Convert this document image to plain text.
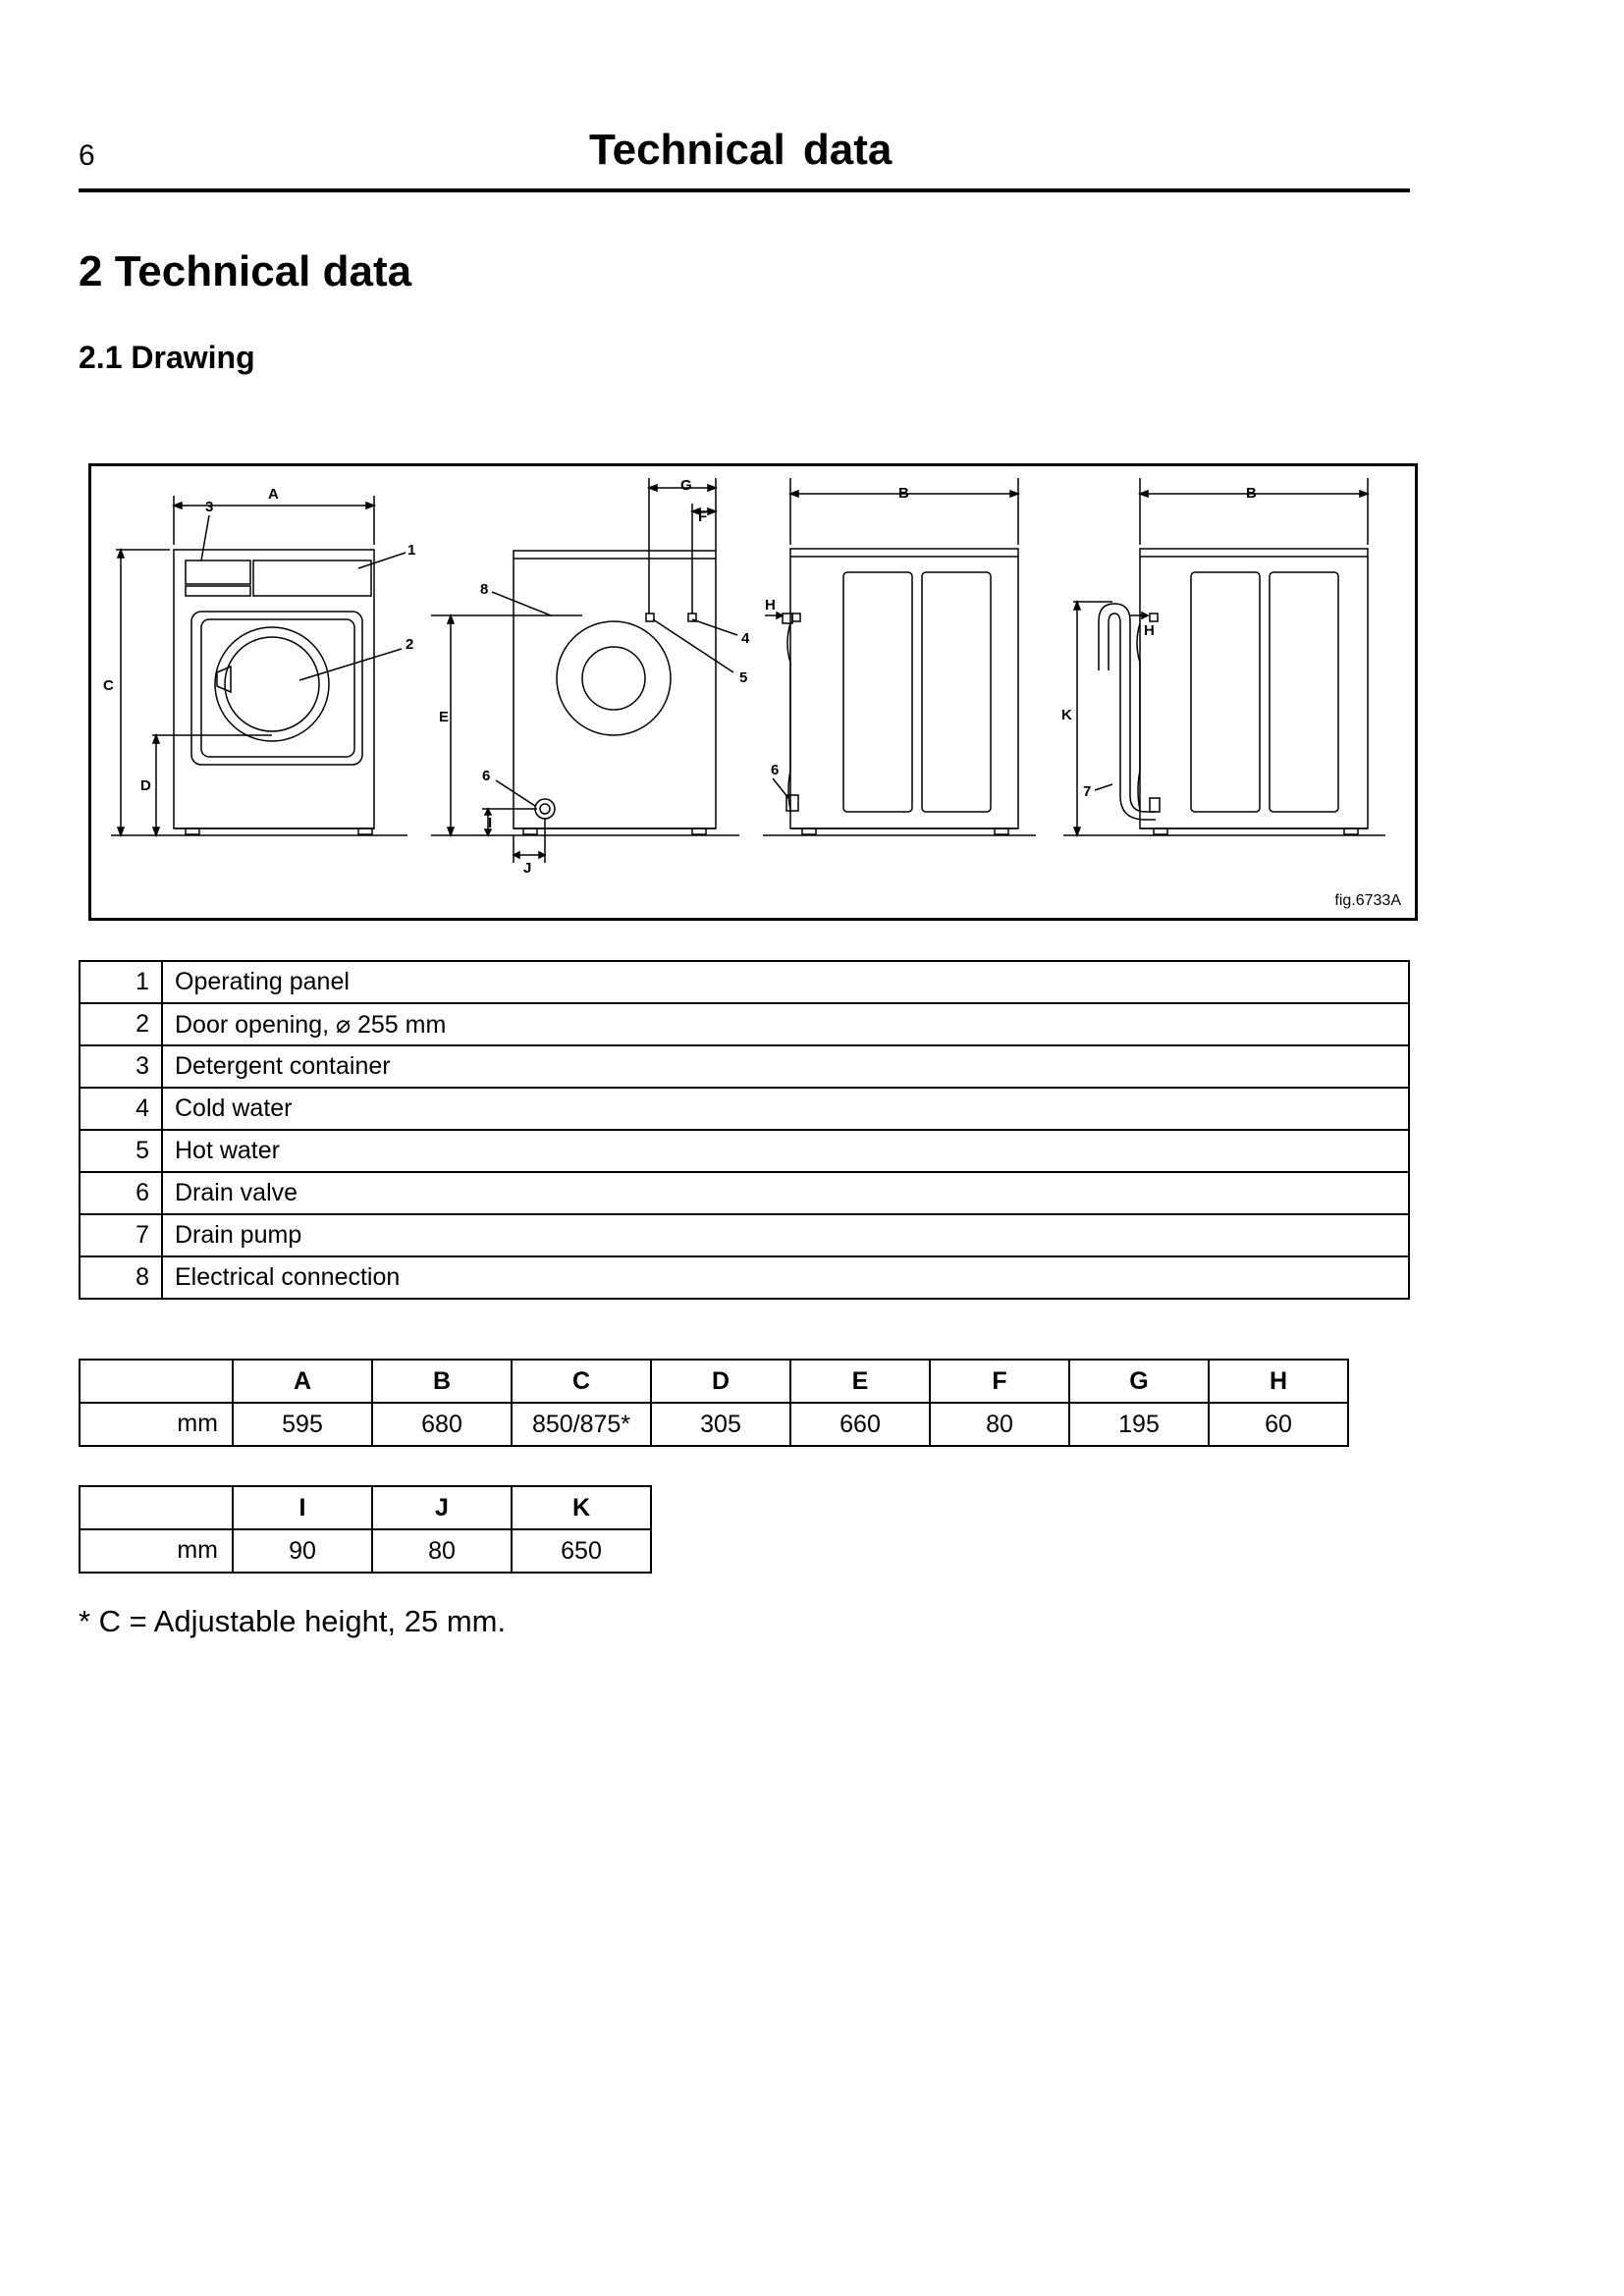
6	Technical data
2 Technical data
2.1 Drawing
A
3
1
2
C
D
G
F
8
4
5
E
6
I
J
B
H
6
B
H
K
7
fig.6733A
1	Operating panel
2	Door opening, ⌀ 255 mm
3	Detergent container
4	Cold water
5	Hot water
6	Drain valve
7	Drain pump
8	Electrical connection
	A	B	C	D	E	F	G	H
mm	595	680	850/875*	305	660	80	195	60
	I	J	K
mm	90	80	650
* C = Adjustable height, 25 mm.
